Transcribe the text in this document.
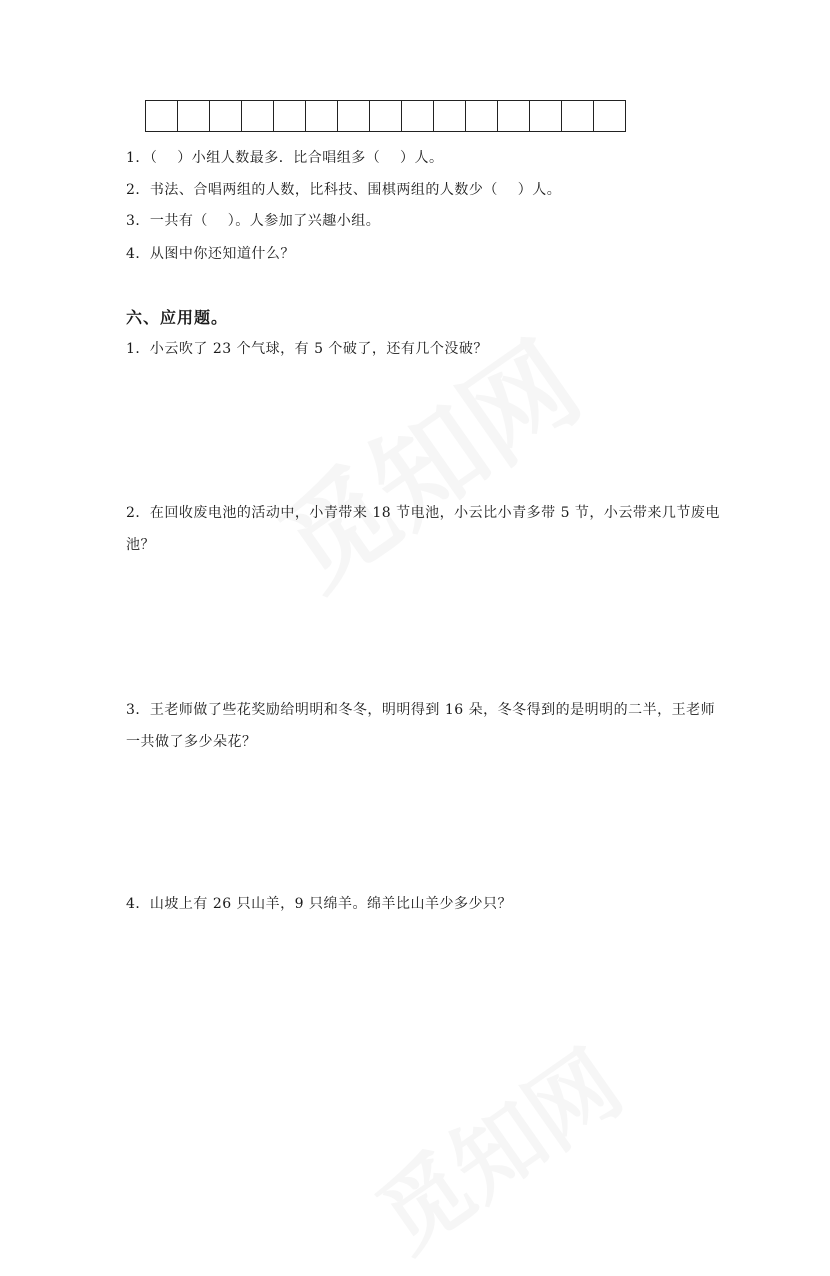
1．（    ）小组人数最多．比合唱组多（    ）人。
2．书法、合唱两组的人数，比科技、围棋两组的人数少（    ）人。
3．一共有（    ）。人参加了兴趣小组。
4．从图中你还知道什么？
六、应用题。
1．小云吹了 23 个气球，有 5 个破了，还有几个没破？
2．在回收废电池的活动中，小青带来 18 节电池，小云比小青多带 5 节，小云带来几节废电
池？
3．王老师做了些花奖励给明明和冬冬，明明得到 16 朵，冬冬得到的是明明的二半，王老师
一共做了多少朵花？
4．山坡上有 26 只山羊，9 只绵羊。绵羊比山羊少多少只？
